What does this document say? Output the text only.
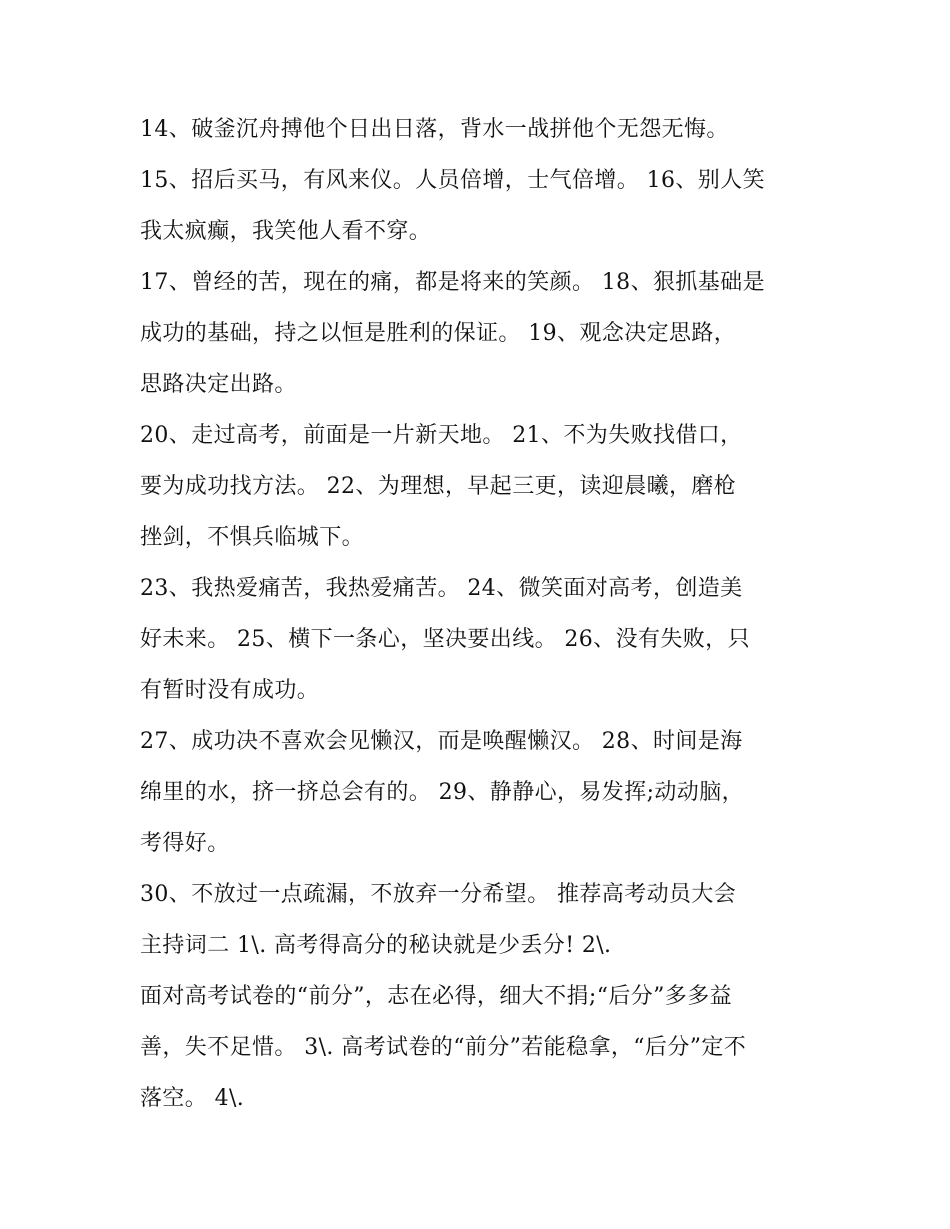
14、破釜沉舟搏他个日出日落，背水一战拼他个无怨无悔。
15、招后买马，有风来仪。人员倍增，士气倍增。 16、别人笑
我太疯癫，我笑他人看不穿。
17、曾经的苦，现在的痛，都是将来的笑颜。 18、狠抓基础是
成功的基础，持之以恒是胜利的保证。 19、观念决定思路，
思路决定出路。
20、走过高考，前面是一片新天地。 21、不为失败找借口，
要为成功找方法。 22、为理想，早起三更，读迎晨曦，磨枪
挫剑，不惧兵临城下。
23、我热爱痛苦，我热爱痛苦。 24、微笑面对高考，创造美
好未来。 25、横下一条心，坚决要出线。 26、没有失败，只
有暂时没有成功。
27、成功决不喜欢会见懒汉，而是唤醒懒汉。 28、时间是海
绵里的水，挤一挤总会有的。 29、静静心，易发挥;动动脑，
考得好。
30、不放过一点疏漏，不放弃一分希望。 推荐高考动员大会
主持词二 1\. 高考得高分的秘诀就是少丢分! 2\.
面对高考试卷的“前分”，志在必得，细大不捐;“后分”多多益
善，失不足惜。 3\. 高考试卷的“前分”若能稳拿，“后分”定不
落空。 4\.
